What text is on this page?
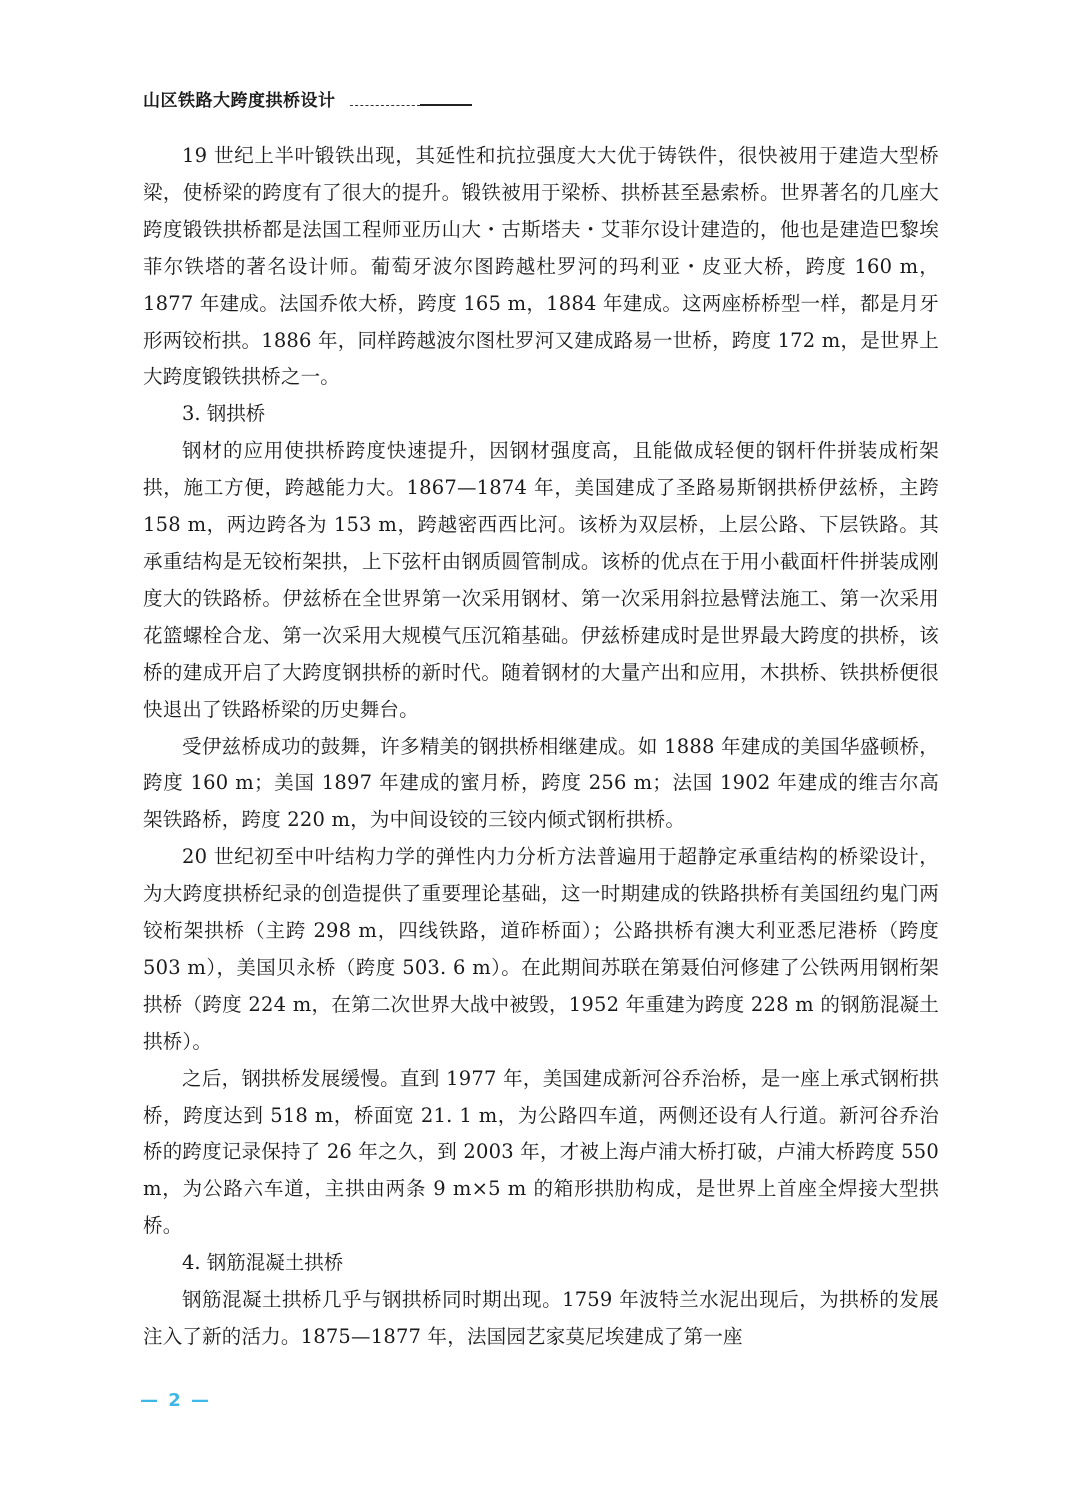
山区铁路大跨度拱桥设计

19 世纪上半叶锻铁出现，其延性和抗拉强度大大优于铸铁件，很快被用于建造大型桥梁，使桥梁的跨度有了很大的提升。锻铁被用于梁桥、拱桥甚至悬索桥。世界著名的几座大跨度锻铁拱桥都是法国工程师亚历山大・古斯塔夫・艾菲尔设计建造的，他也是建造巴黎埃菲尔铁塔的著名设计师。葡萄牙波尔图跨越杜罗河的玛利亚・皮亚大桥，跨度 160 m，1877 年建成。法国乔侬大桥，跨度 165 m，1884 年建成。这两座桥桥型一样，都是月牙形两铰桁拱。1886 年，同样跨越波尔图杜罗河又建成路易一世桥，跨度 172 m，是世界上大跨度锻铁拱桥之一。

3. 钢拱桥

钢材的应用使拱桥跨度快速提升，因钢材强度高，且能做成轻便的钢杆件拼装成桁架拱，施工方便，跨越能力大。1867—1874 年，美国建成了圣路易斯钢拱桥伊兹桥，主跨 158 m，两边跨各为 153 m，跨越密西西比河。该桥为双层桥，上层公路、下层铁路。其承重结构是无铰桁架拱，上下弦杆由钢质圆管制成。该桥的优点在于用小截面杆件拼装成刚度大的铁路桥。伊兹桥在全世界第一次采用钢材、第一次采用斜拉悬臂法施工、第一次采用花篮螺栓合龙、第一次采用大规模气压沉箱基础。伊兹桥建成时是世界最大跨度的拱桥，该桥的建成开启了大跨度钢拱桥的新时代。随着钢材的大量产出和应用，木拱桥、铁拱桥便很快退出了铁路桥梁的历史舞台。

受伊兹桥成功的鼓舞，许多精美的钢拱桥相继建成。如 1888 年建成的美国华盛顿桥，跨度 160 m；美国 1897 年建成的蜜月桥，跨度 256 m；法国 1902 年建成的维吉尔高架铁路桥，跨度 220 m，为中间设铰的三铰内倾式钢桁拱桥。

20 世纪初至中叶结构力学的弹性内力分析方法普遍用于超静定承重结构的桥梁设计，为大跨度拱桥纪录的创造提供了重要理论基础，这一时期建成的铁路拱桥有美国纽约鬼门两铰桁架拱桥（主跨 298 m，四线铁路，道砟桥面）；公路拱桥有澳大利亚悉尼港桥（跨度 503 m），美国贝永桥（跨度 503. 6 m）。在此期间苏联在第聂伯河修建了公铁两用钢桁架拱桥（跨度 224 m，在第二次世界大战中被毁，1952 年重建为跨度 228 m 的钢筋混凝土拱桥）。

之后，钢拱桥发展缓慢。直到 1977 年，美国建成新河谷乔治桥，是一座上承式钢桁拱桥，跨度达到 518 m，桥面宽 21. 1 m，为公路四车道，两侧还设有人行道。新河谷乔治桥的跨度记录保持了 26 年之久，到 2003 年，才被上海卢浦大桥打破，卢浦大桥跨度 550 m，为公路六车道，主拱由两条 9 m×5 m 的箱形拱肋构成，是世界上首座全焊接大型拱桥。

4. 钢筋混凝土拱桥

钢筋混凝土拱桥几乎与钢拱桥同时期出现。1759 年波特兰水泥出现后，为拱桥的发展注入了新的活力。1875—1877 年，法国园艺家莫尼埃建成了第一座

— 2 —
